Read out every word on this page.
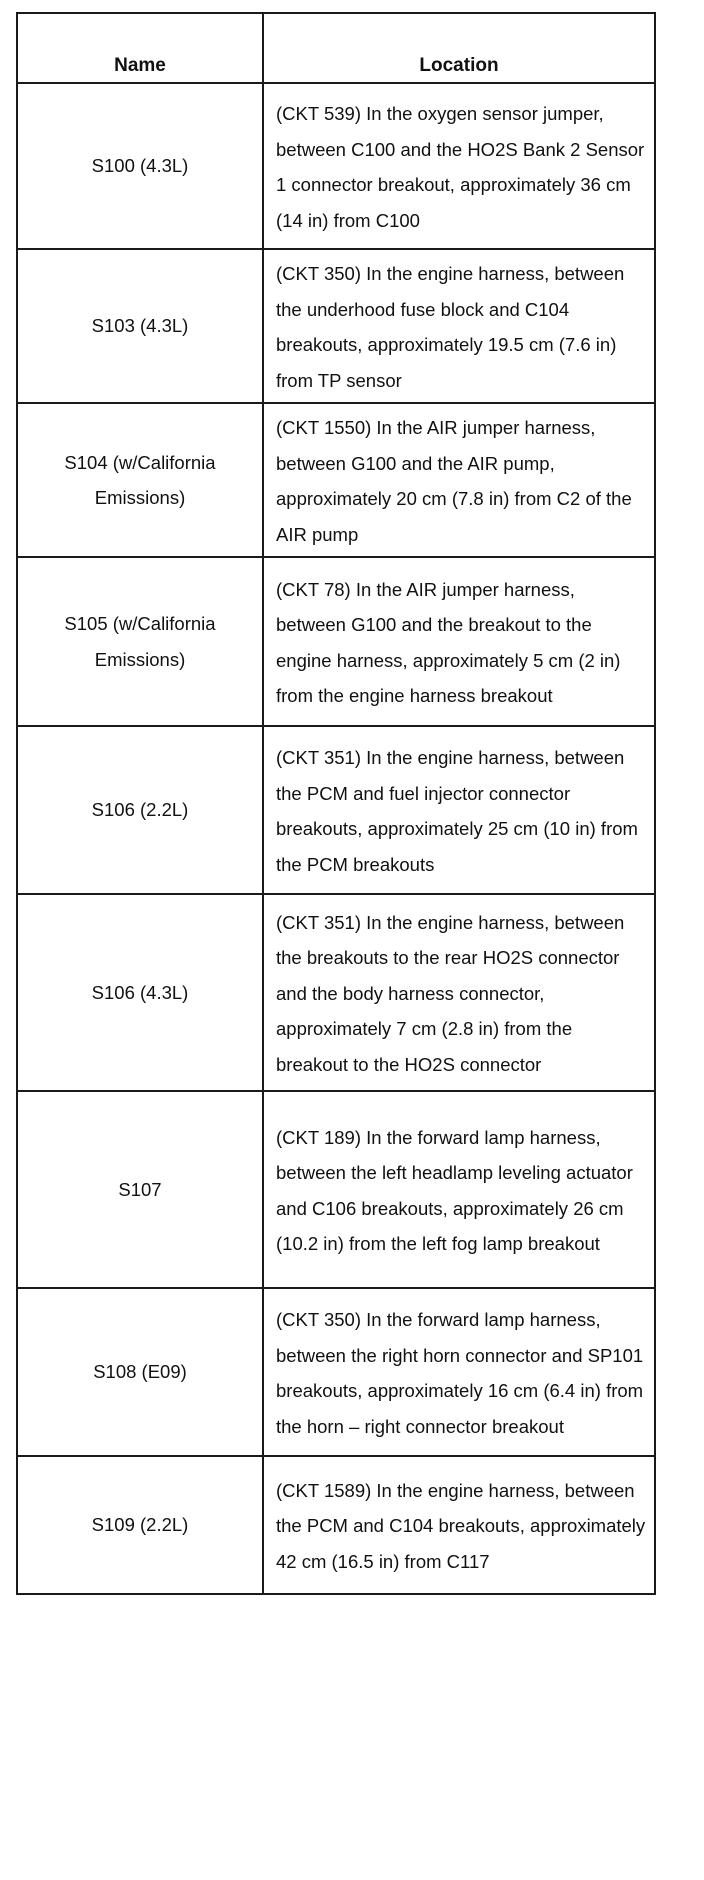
Name	Location

S100 (4.3L)	(CKT 539) In the oxygen sensor jumper, between C100 and the HO2S Bank 2 Sensor 1 connector breakout, approximately 36 cm (14 in) from C100

S103 (4.3L)	(CKT 350) In the engine harness, between the underhood fuse block and C104 breakouts, approximately 19.5 cm (7.6 in) from TP sensor

S104 (w/California Emissions)	(CKT 1550) In the AIR jumper harness, between G100 and the AIR pump, approximately 20 cm (7.8 in) from C2 of the AIR pump

S105 (w/California Emissions)	(CKT 78) In the AIR jumper harness, between G100 and the breakout to the engine harness, approximately 5 cm (2 in) from the engine harness breakout

S106 (2.2L)	(CKT 351) In the engine harness, between the PCM and fuel injector connector breakouts, approximately 25 cm (10 in) from the PCM breakouts

S106 (4.3L)	(CKT 351) In the engine harness, between the breakouts to the rear HO2S connector and the body harness connector, approximately 7 cm (2.8 in) from the breakout to the HO2S connector

S107	(CKT 189) In the forward lamp harness, between the left headlamp leveling actuator and C106 breakouts, approximately 26 cm (10.2 in) from the left fog lamp breakout

S108 (E09)	(CKT 350) In the forward lamp harness, between the right horn connector and SP101 breakouts, approximately 16 cm (6.4 in) from the horn – right connector breakout

S109 (2.2L)	(CKT 1589) In the engine harness, between the PCM and C104 breakouts, approximately 42 cm (16.5 in) from C117
